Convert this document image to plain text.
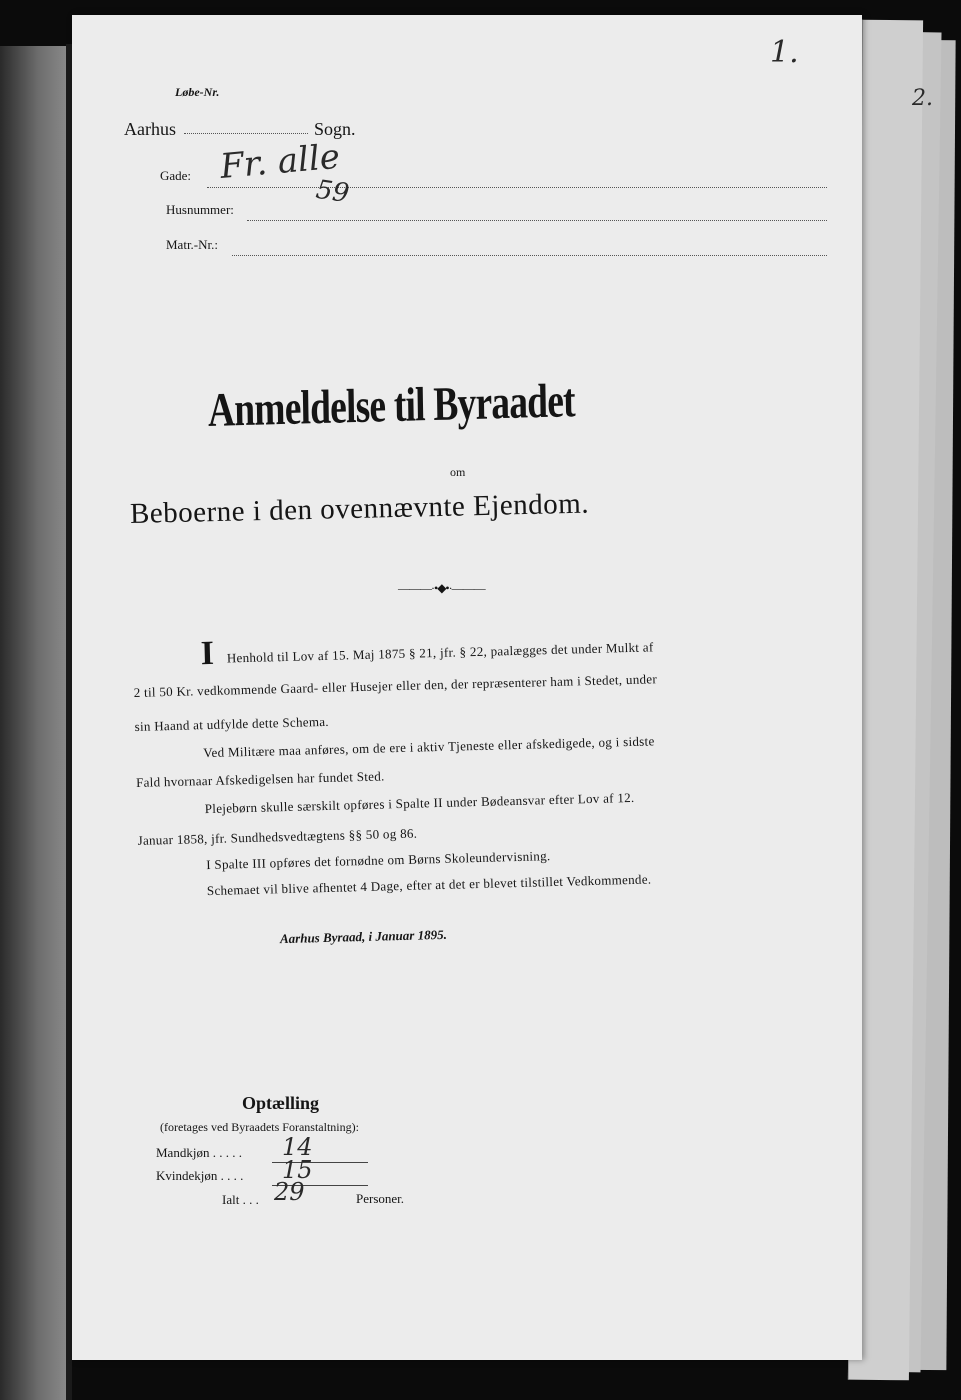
2.
1.
Løbe-Nr.
Aarhus	Sogn.
Gade: Fr. alle
Husnummer:
59
Matr.-Nr.:
Anmeldelse til Byraadet
om
Beboerne i den ovennævnte Ejendom.
———·•◆•·———
I Henhold til Lov af 15. Maj 1875 § 21, jfr. § 22, paalægges det under Mulkt af
2 til 50 Kr. vedkommende Gaard- eller Husejer eller den, der repræsenterer ham i Stedet, under
sin Haand at udfylde dette Schema.
Ved Militære maa anføres, om de ere i aktiv Tjeneste eller afskedigede, og i sidste
Fald hvornaar Afskedigelsen har fundet Sted.
Plejebørn skulle særskilt opføres i Spalte II under Bødeansvar efter Lov af 12.
Januar 1858, jfr. Sundhedsvedtægtens §§ 50 og 86.
I Spalte III opføres det fornødne om Børns Skoleundervisning.
Schemaet vil blive afhentet 4 Dage, efter at det er blevet tilstillet Vedkommende.
Aarhus Byraad, i Januar 1895.
Optælling
(foretages ved Byraadets Foranstaltning):
Mandkjøn . . . . . 14
Kvindekjøn . . . . 15
Ialt . . . 29	Personer.
